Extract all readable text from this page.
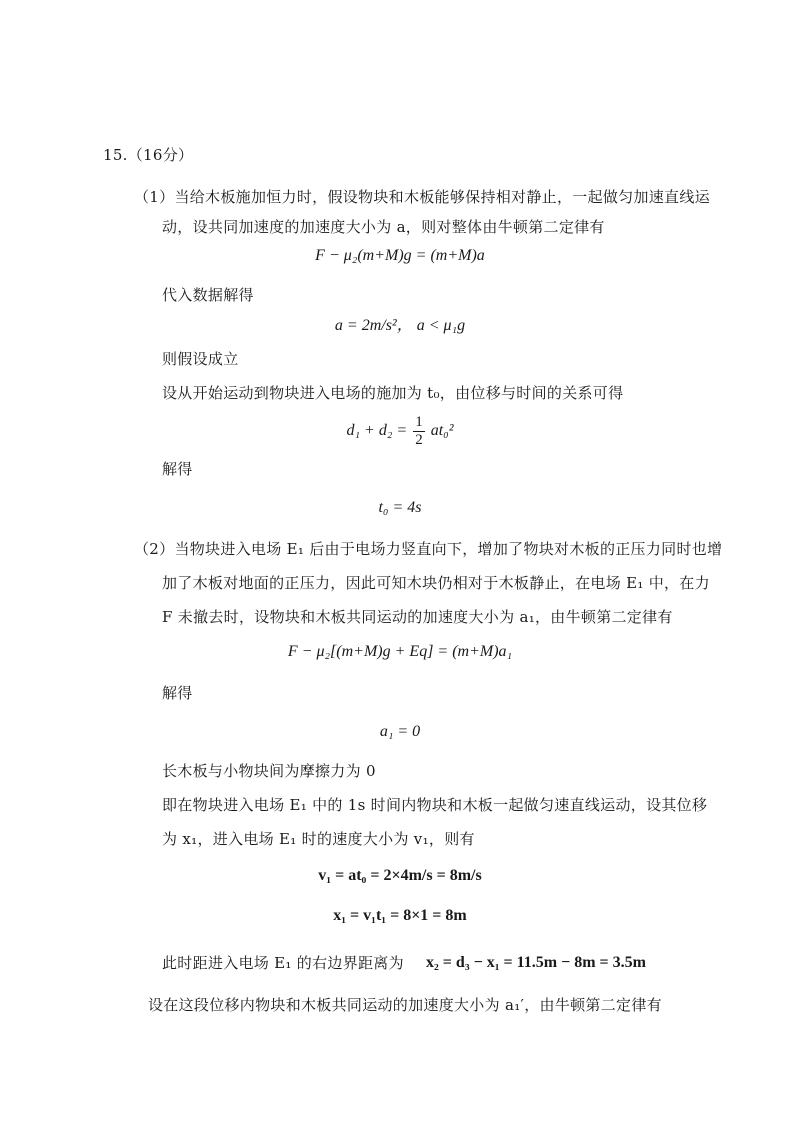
15.（16分）
（1）当给木板施加恒力时，假设物块和木板能够保持相对静止，一起做匀加速直线运
动，设共同加速度的加速度大小为 a，则对整体由牛顿第二定律有
F − μ₂(m+M)g = (m+M)a
代入数据解得
a = 2m/s²， a < μ₁g
则假设成立
设从开始运动到物块进入电场的施加为 t₀，由位移与时间的关系可得
$d_1 + d_2 = \frac{1}{2} at_0^2$
解得
t₀ = 4s
（2）当物块进入电场 E₁ 后由于电场力竖直向下，增加了物块对木板的正压力同时也增
加了木板对地面的正压力，因此可知木块仍相对于木板静止，在电场 E₁ 中，在力
F 未撤去时，设物块和木板共同运动的加速度大小为 a₁，由牛顿第二定律有
F − μ₂[(m+M)g + Eq] = (m+M)a₁
解得
a₁ = 0
长木板与小物块间为摩擦力为 0
即在物块进入电场 E₁ 中的 1s 时间内物块和木板一起做匀速直线运动，设其位移
为 x₁，进入电场 E₁ 时的速度大小为 v₁，则有
v₁ = at₀ = 2×4m/s = 8m/s
x₁ = v₁t₁ = 8×1 = 8m
此时距进入电场 E₁ 的右边界距离为 x₂ = d₃ − x₁ = 11.5m − 8m = 3.5m
设在这段位移内物块和木板共同运动的加速度大小为 a₁′，由牛顿第二定律有
